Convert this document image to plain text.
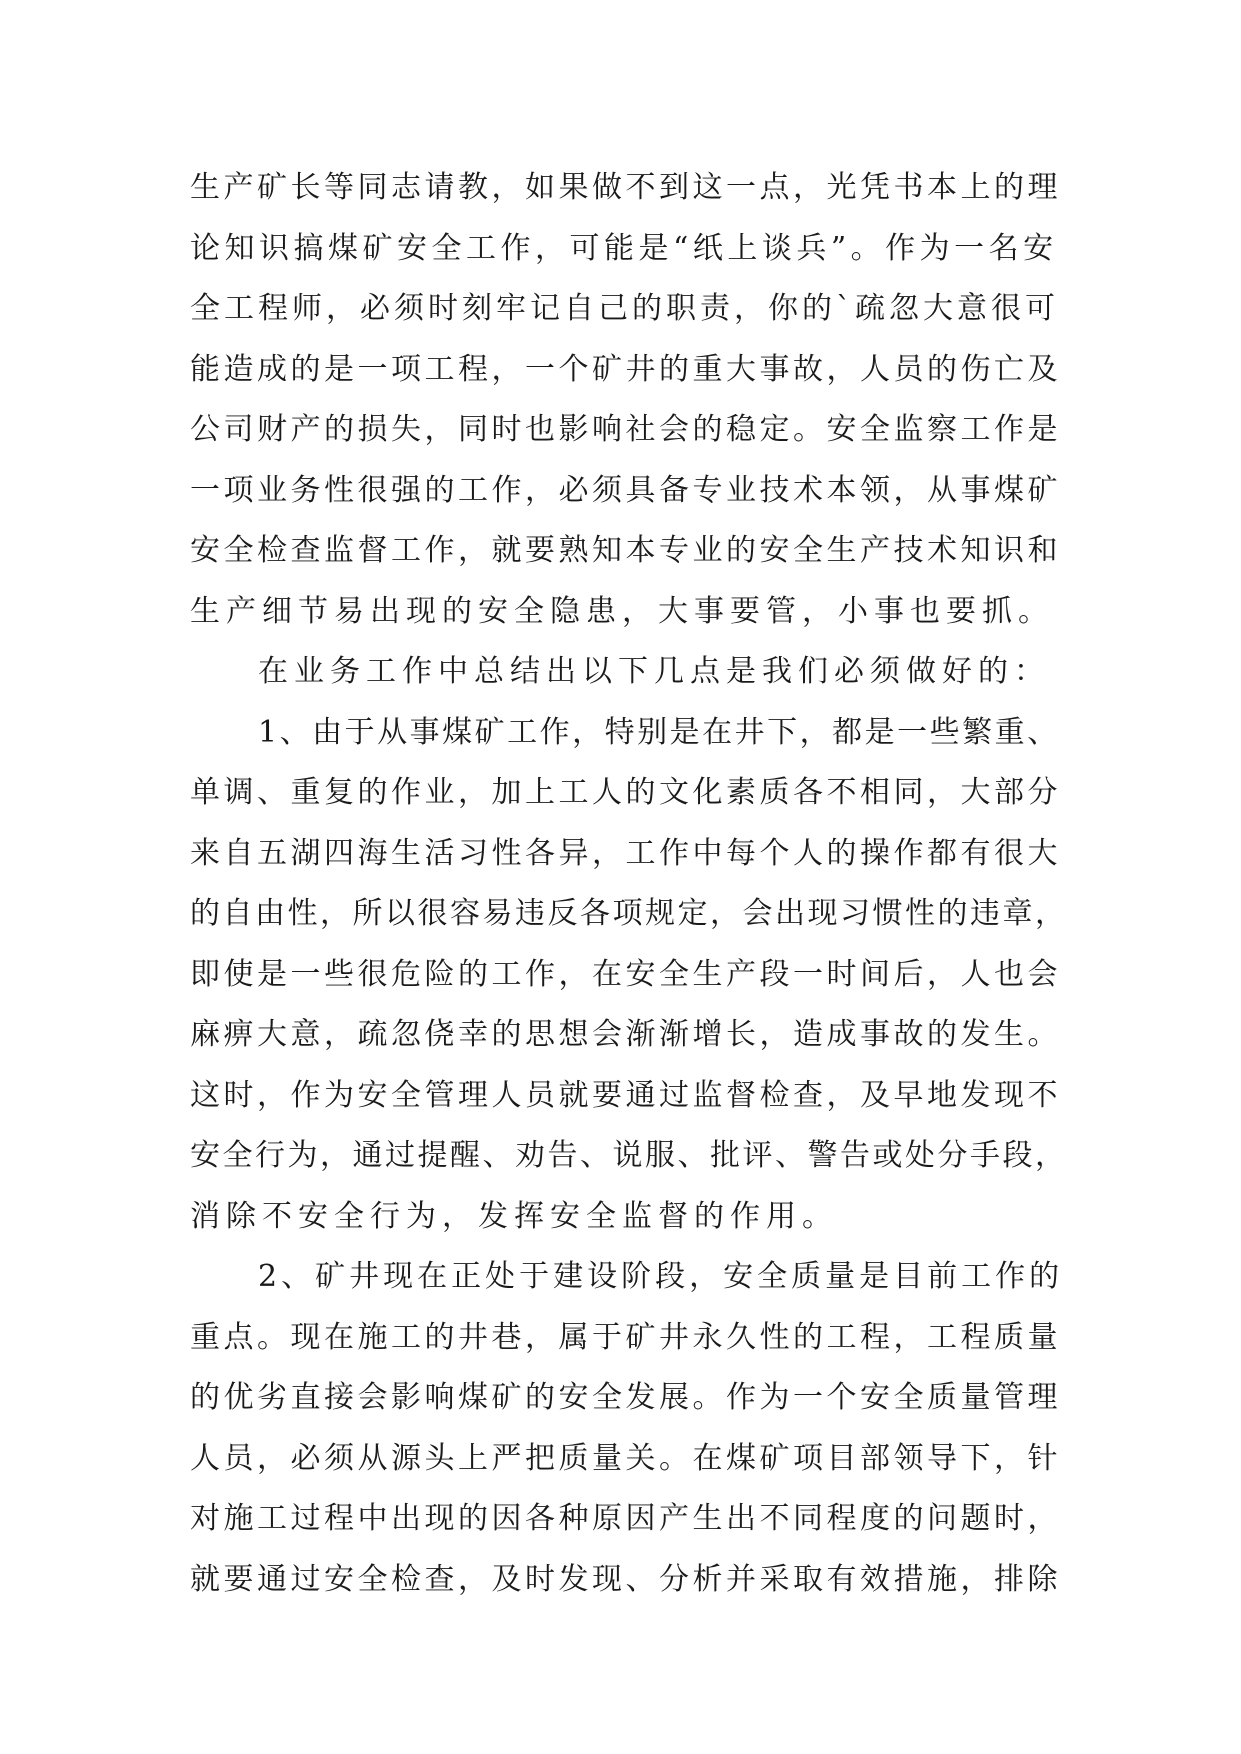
生产矿长等同志请教，如果做不到这一点，光凭书本上的理
论知识搞煤矿安全工作，可能是“纸上谈兵”。作为一名安
全工程师，必须时刻牢记自己的职责，你的`疏忽大意很可
能造成的是一项工程，一个矿井的重大事故，人员的伤亡及
公司财产的损失，同时也影响社会的稳定。安全监察工作是
一项业务性很强的工作，必须具备专业技术本领，从事煤矿
安全检查监督工作，就要熟知本专业的安全生产技术知识和
生产细节易出现的安全隐患，大事要管，小事也要抓。
在业务工作中总结出以下几点是我们必须做好的：
1、由于从事煤矿工作，特别是在井下，都是一些繁重、
单调、重复的作业，加上工人的文化素质各不相同，大部分
来自五湖四海生活习性各异，工作中每个人的操作都有很大
的自由性，所以很容易违反各项规定，会出现习惯性的违章，
即使是一些很危险的工作，在安全生产段一时间后，人也会
麻痹大意，疏忽侥幸的思想会渐渐增长，造成事故的发生。
这时，作为安全管理人员就要通过监督检查，及早地发现不
安全行为，通过提醒、劝告、说服、批评、警告或处分手段，
消除不安全行为，发挥安全监督的作用。
2、矿井现在正处于建设阶段，安全质量是目前工作的
重点。现在施工的井巷，属于矿井永久性的工程，工程质量
的优劣直接会影响煤矿的安全发展。作为一个安全质量管理
人员，必须从源头上严把质量关。在煤矿项目部领导下，针
对施工过程中出现的因各种原因产生出不同程度的问题时，
就要通过安全检查，及时发现、分析并采取有效措施，排除
